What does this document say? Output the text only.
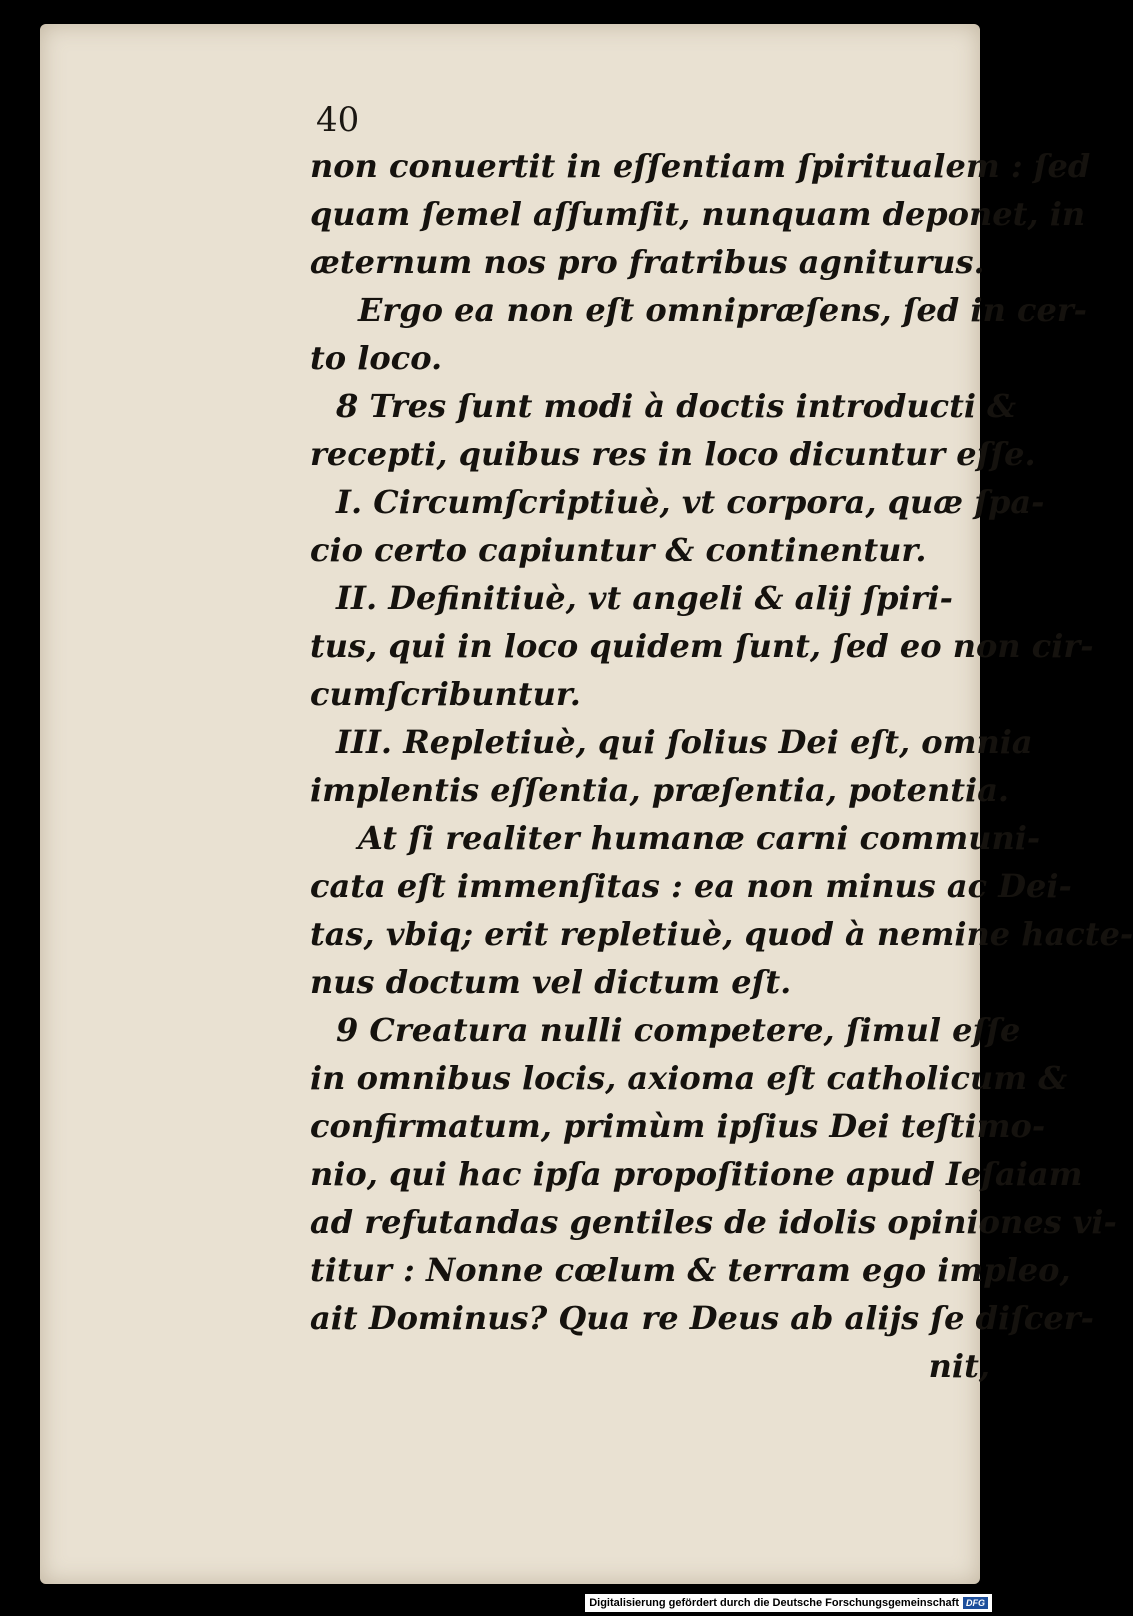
40
non conuertit in eſſentiam ſpiritualem : ſed
quam ſemel aſſumſit, nunquam deponet, in
æternum nos pro fratribus agniturus.
Ergo ea non eſt omnipræſens, ſed in cer-
to loco.
8 Tres ſunt modi à doctis introducti &
recepti, quibus res in loco dicuntur eſſe.
I. Circumſcriptiuè, vt corpora, quæ ſpa-
cio certo capiuntur & continentur.
II. Definitiuè, vt angeli & alij ſpiri-
tus, qui in loco quidem ſunt, ſed eo non cir-
cumſcribuntur.
III. Repletiuè, qui ſolius Dei eſt, omnia
implentis eſſentia, præſentia, potentia.
At ſi realiter humanæ carni communi-
cata eſt immenſitas : ea non minus ac Dei-
tas, vbiq; erit repletiuè, quod à nemine hacte-
nus doctum vel dictum eſt.
9 Creatura nulli competere, ſimul eſſe
in omnibus locis, axioma eſt catholicum &
confirmatum, primùm ipſius Dei teſtimo-
nio, qui hac ipſa propoſitione apud Ieſaiam
ad refutandas gentiles de idolis opiniones vi-
titur : Nonne cœlum & terram ego impleo,
ait Dominus? Qua re Deus ab alijs ſe diſcer-
nit,
Digitalisierung gefördert durch die Deutsche Forschungsgemeinschaft DFG
